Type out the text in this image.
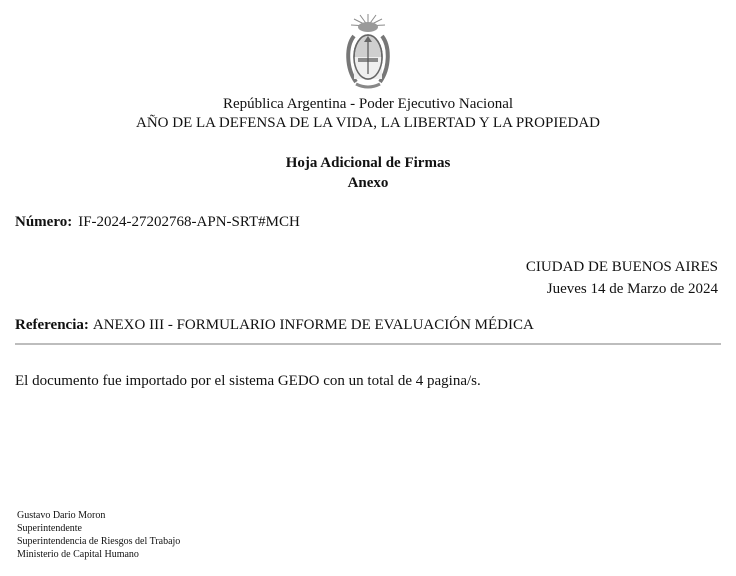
República Argentina - Poder Ejecutivo Nacional
AÑO DE LA DEFENSA DE LA VIDA, LA LIBERTAD Y LA PROPIEDAD
Hoja Adicional de Firmas
Anexo
Número: IF-2024-27202768-APN-SRT#MCH
CIUDAD DE BUENOS AIRES
Jueves 14 de Marzo de 2024
Referencia: ANEXO III - FORMULARIO INFORME DE EVALUACIÓN MÉDICA
El documento fue importado por el sistema GEDO con un total de 4 pagina/s.
Gustavo Dario Moron
Superintendente
Superintendencia de Riesgos del Trabajo
Ministerio de Capital Humano
